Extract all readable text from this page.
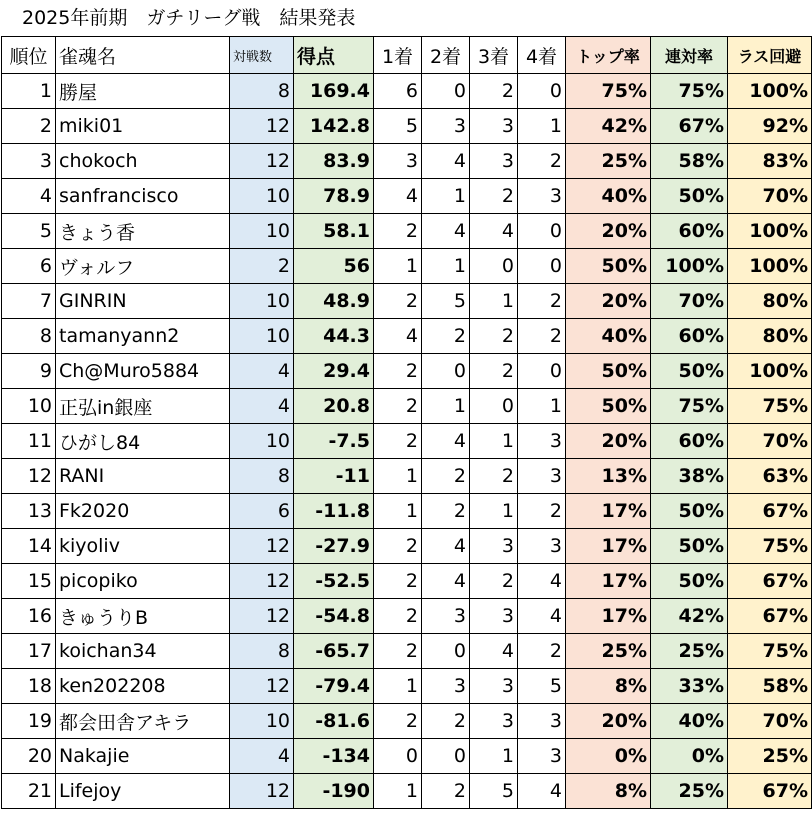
2025年前期　ガチリーグ戦　結果発表
順位	雀魂名	対戦数	得点	1着	2着	3着	4着	トップ率	連対率	ラス回避
1	勝屋	8	169.4	6	0	2	0	75%	75%	100%
2	miki01	12	142.8	5	3	3	1	42%	67%	92%
3	chokoch	12	83.9	3	4	3	2	25%	58%	83%
4	sanfrancisco	10	78.9	4	1	2	3	40%	50%	70%
5	きょう香	10	58.1	2	4	4	0	20%	60%	100%
6	ヴォルフ	2	56	1	1	0	0	50%	100%	100%
7	GINRIN	10	48.9	2	5	1	2	20%	70%	80%
8	tamanyann2	10	44.3	4	2	2	2	40%	60%	80%
9	Ch@Muro5884	4	29.4	2	0	2	0	50%	50%	100%
10	正弘in銀座	4	20.8	2	1	0	1	50%	75%	75%
11	ひがし84	10	-7.5	2	4	1	3	20%	60%	70%
12	RANI	8	-11	1	2	2	3	13%	38%	63%
13	Fk2020	6	-11.8	1	2	1	2	17%	50%	67%
14	kiyoliv	12	-27.9	2	4	3	3	17%	50%	75%
15	picopiko	12	-52.5	2	4	2	4	17%	50%	67%
16	きゅうりB	12	-54.8	2	3	3	4	17%	42%	67%
17	koichan34	8	-65.7	2	0	4	2	25%	25%	75%
18	ken202208	12	-79.4	1	3	3	5	8%	33%	58%
19	都会田舎アキラ	10	-81.6	2	2	3	3	20%	40%	70%
20	Nakajie	4	-134	0	0	1	3	0%	0%	25%
21	Lifejoy	12	-190	1	2	5	4	8%	25%	67%
